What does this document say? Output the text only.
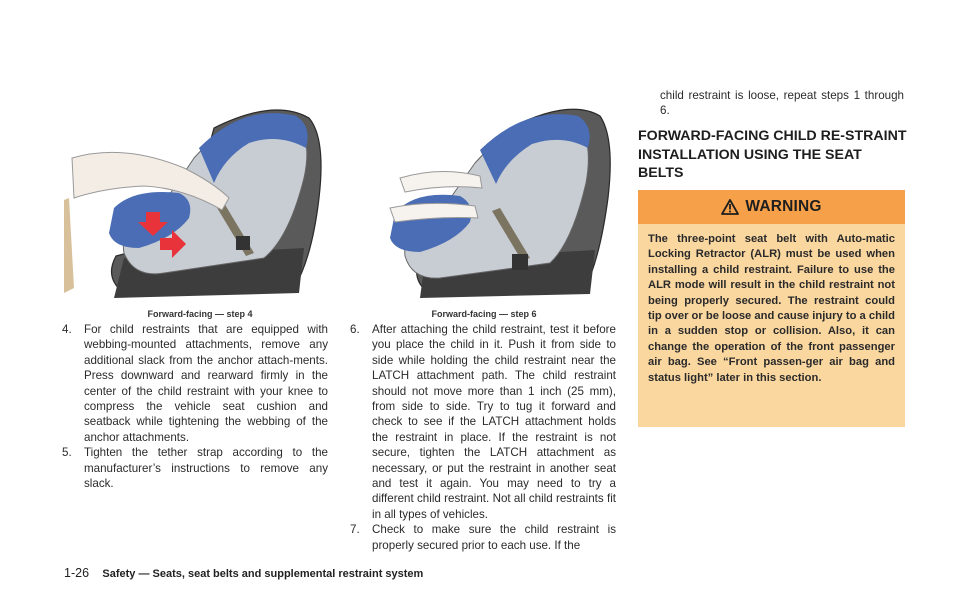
Forward-facing — step 4	Forward-facing — step 6
4. For child restraints that are equipped with webbing-mounted attachments, remove any additional slack from the anchor attach-ments. Press downward and rearward firmly in the center of the child restraint with your knee to compress the vehicle seat cushion and seatback while tightening the webbing of the anchor attachments.
5. Tighten the tether strap according to the manufacturer’s instructions to remove any slack.
6. After attaching the child restraint, test it before you place the child in it. Push it from side to side while holding the child restraint near the LATCH attachment path. The child restraint should not move more than 1 inch (25 mm), from side to side. Try to tug it forward and check to see if the LATCH attachment holds the restraint in place. If the restraint is not secure, tighten the LATCH attachment as necessary, or put the restraint in another seat and test it again. You may need to try a different child restraint. Not all child restraints fit in all types of vehicles.
7. Check to make sure the child restraint is properly secured prior to each use. If the
child restraint is loose, repeat steps 1 through 6.
FORWARD-FACING CHILD RE-STRAINT INSTALLATION USING THE SEAT BELTS
WARNING
The three-point seat belt with Auto-matic Locking Retractor (ALR) must be used when installing a child restraint. Failure to use the ALR mode will result in the child restraint not being properly secured. The restraint could tip over or be loose and cause injury to a child in a sudden stop or collision. Also, it can change the operation of the front passenger air bag. See “Front passen-ger air bag and status light” later in this section.
1-26 Safety — Seats, seat belts and supplemental restraint system
